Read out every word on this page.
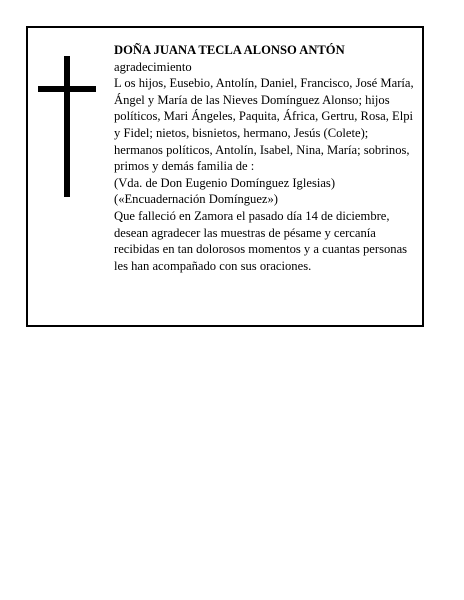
DOÑA JUANA TECLA ALONSO ANTÓN

agradecimiento

L os hijos, Eusebio, Antolín, Daniel, Francisco, José María, Ángel y María de las Nieves Domínguez Alonso; hijos políticos, Mari Ángeles, Paquita, África, Gertru, Rosa, Elpi y Fidel; nietos, bisnietos, hermano, Jesús (Colete); hermanos políticos, Antolín, Isabel, Nina, María; sobrinos, primos y demás familia de :

(Vda. de Don Eugenio Domínguez Iglesias)

(«Encuadernación Domínguez»)

Que falleció en Zamora el pasado día 14 de diciembre, desean agradecer las muestras de pésame y cercanía recibidas en tan dolorosos momentos y a cuantas personas les han acompañado con sus oraciones.
